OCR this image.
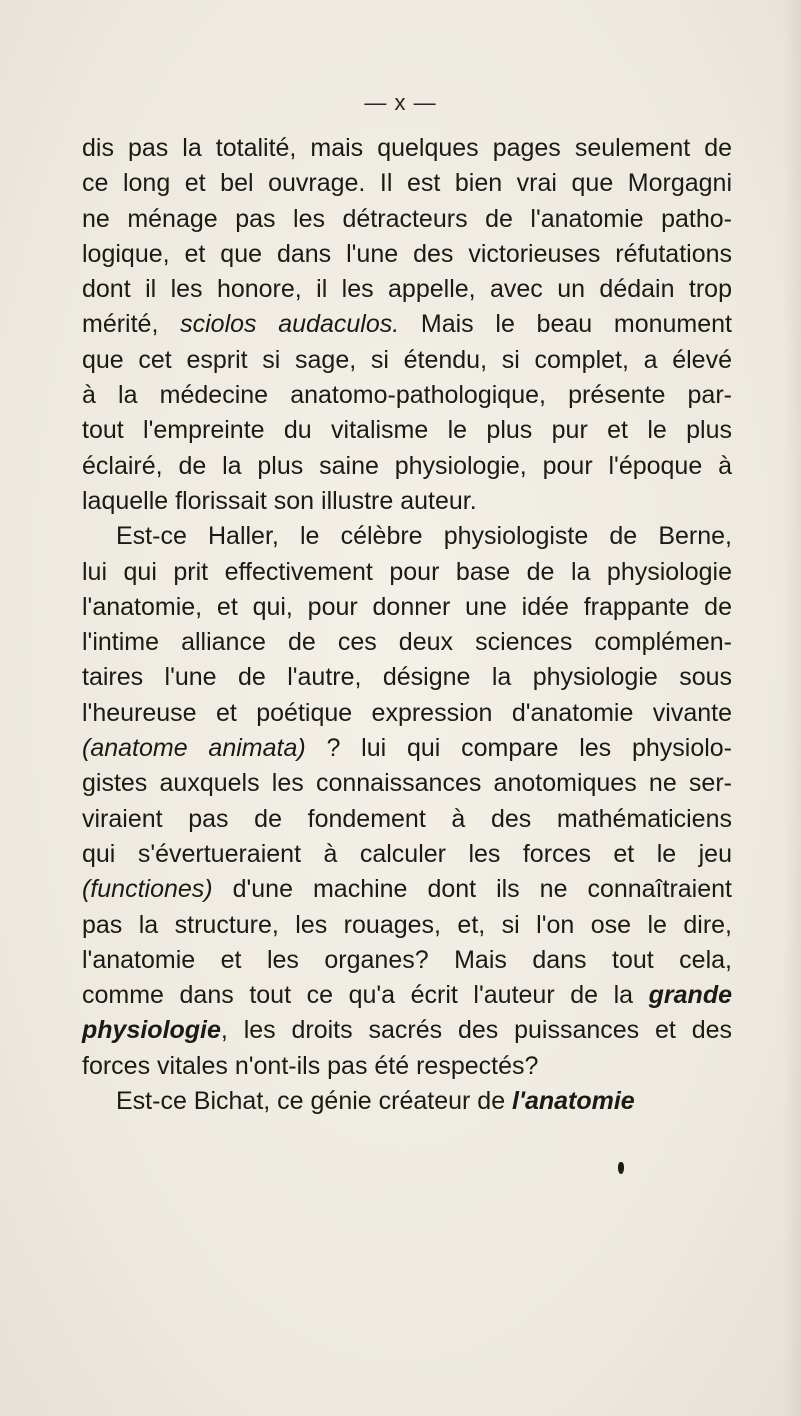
— x —
dis pas la totalité, mais quelques pages seulement de
ce long et bel ouvrage. Il est bien vrai que Morgagni
ne ménage pas les détracteurs de l'anatomie patho-
logique, et que dans l'une des victorieuses réfutations
dont il les honore, il les appelle, avec un dédain trop
mérité, sciolos audaculos. Mais le beau monument
que cet esprit si sage, si étendu, si complet, a élevé
à la médecine anatomo-pathologique, présente par-
tout l'empreinte du vitalisme le plus pur et le plus
éclairé, de la plus saine physiologie, pour l'époque à
laquelle florissait son illustre auteur.
Est-ce Haller, le célèbre physiologiste de Berne,
lui qui prit effectivement pour base de la physiologie
l'anatomie, et qui, pour donner une idée frappante de
l'intime alliance de ces deux sciences complémen-
taires l'une de l'autre, désigne la physiologie sous
l'heureuse et poétique expression d'anatomie vivante
(anatome animata) ? lui qui compare les physiolo-
gistes auxquels les connaissances anotomiques ne ser-
viraient pas de fondement à des mathématiciens
qui s'évertueraient à calculer les forces et le jeu
(functiones) d'une machine dont ils ne connaîtraient
pas la structure, les rouages, et, si l'on ose le dire,
l'anatomie et les organes? Mais dans tout cela,
comme dans tout ce qu'a écrit l'auteur de la grande
physiologie, les droits sacrés des puissances et des
forces vitales n'ont-ils pas été respectés?
Est-ce Bichat, ce génie créateur de l'anatomie
